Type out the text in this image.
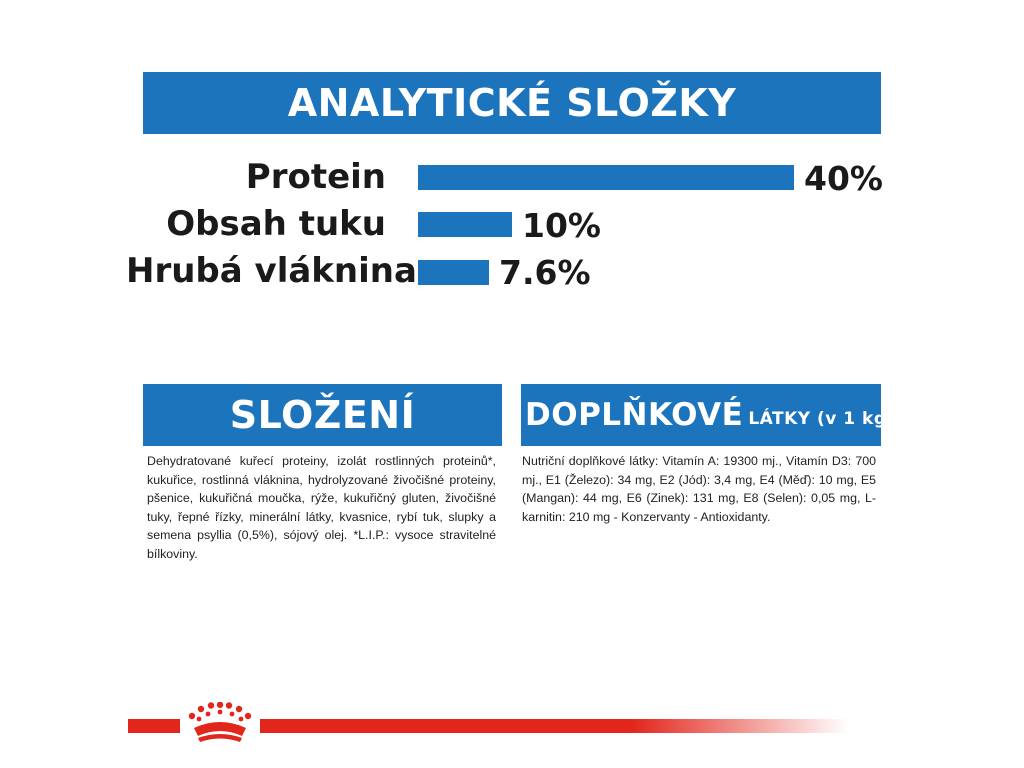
ANALYTICKÉ SLOŽKY
Protein	40%
Obsah tuku	10%
Hrubá vláknina 7.6%
SLOŽENÍ
Dehydratované kuřecí proteiny, izolát rostlinných proteinů*, kukuřice, rostlinná vláknina, hydrolyzované živočišné proteiny, pšenice, kukuřičná moučka, rýže, kukuřičný gluten, živočišné tuky, řepné řízky, minerální látky, kvasnice, rybí tuk, slupky a semena psyllia (0,5%), sójový olej. *L.I.P.: vysoce stravitelné bílkoviny.
DOPLŇKOVÉ LÁTKY (v 1 kg)
Nutriční doplňkové látky: Vitamín A: 19300 mj., Vitamín D3: 700 mj., E1 (Železo): 34 mg, E2 (Jód): 3,4 mg, E4 (Měď): 10 mg, E5 (Mangan): 44 mg, E6 (Zinek): 131 mg, E8 (Selen): 0,05 mg, L-karnitin: 210 mg - Konzervanty - Antioxidanty.
